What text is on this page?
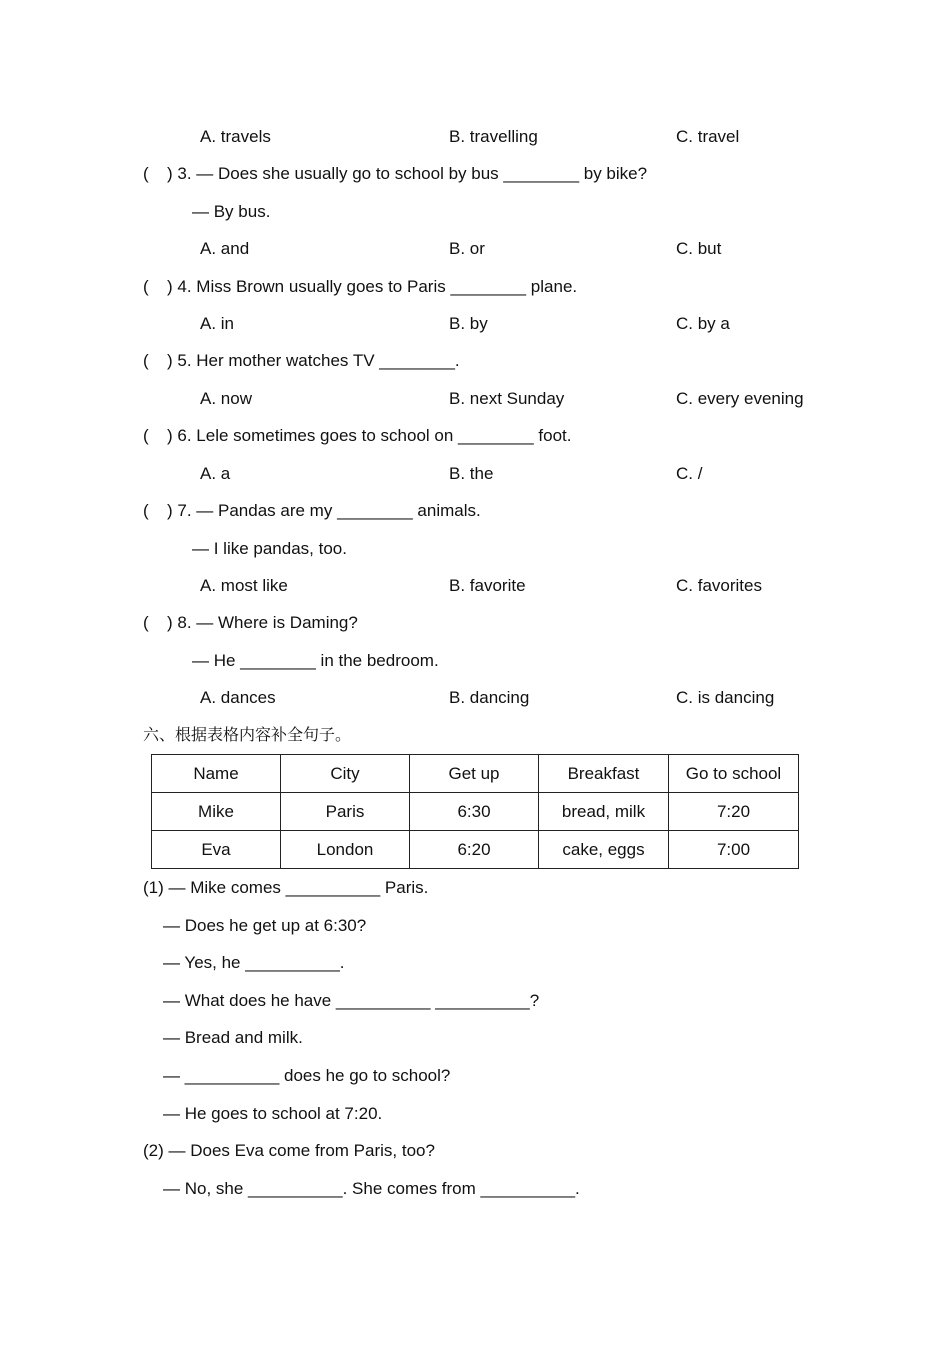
A. travels	B. travelling	C. travel
( ) 3. — Does she usually go to school by bus ________ by bike?
— By bus.
A. and	B. or	C. but
( ) 4. Miss Brown usually goes to Paris ________ plane.
A. in	B. by	C. by a
( ) 5. Her mother watches TV ________.
A. now	B. next Sunday	C. every evening
( ) 6. Lele sometimes goes to school on ________ foot.
A. a	B. the	C. /
( ) 7. — Pandas are my ________ animals.
— I like pandas, too.
A. most like	B. favorite	C. favorites
( ) 8. — Where is Daming?
— He ________ in the bedroom.
A. dances	B. dancing	C. is dancing
六、根据表格内容补全句子。
Name	City	Get up	Breakfast	Go to school
Mike	Paris	6:30	bread, milk	7:20
Eva	London	6:20	cake, eggs	7:00
(1) — Mike comes __________ Paris.
— Does he get up at 6:30?
— Yes, he __________.
— What does he have __________ __________?
— Bread and milk.
— __________ does he go to school?
— He goes to school at 7:20.
(2) — Does Eva come from Paris, too?
— No, she __________. She comes from __________.
